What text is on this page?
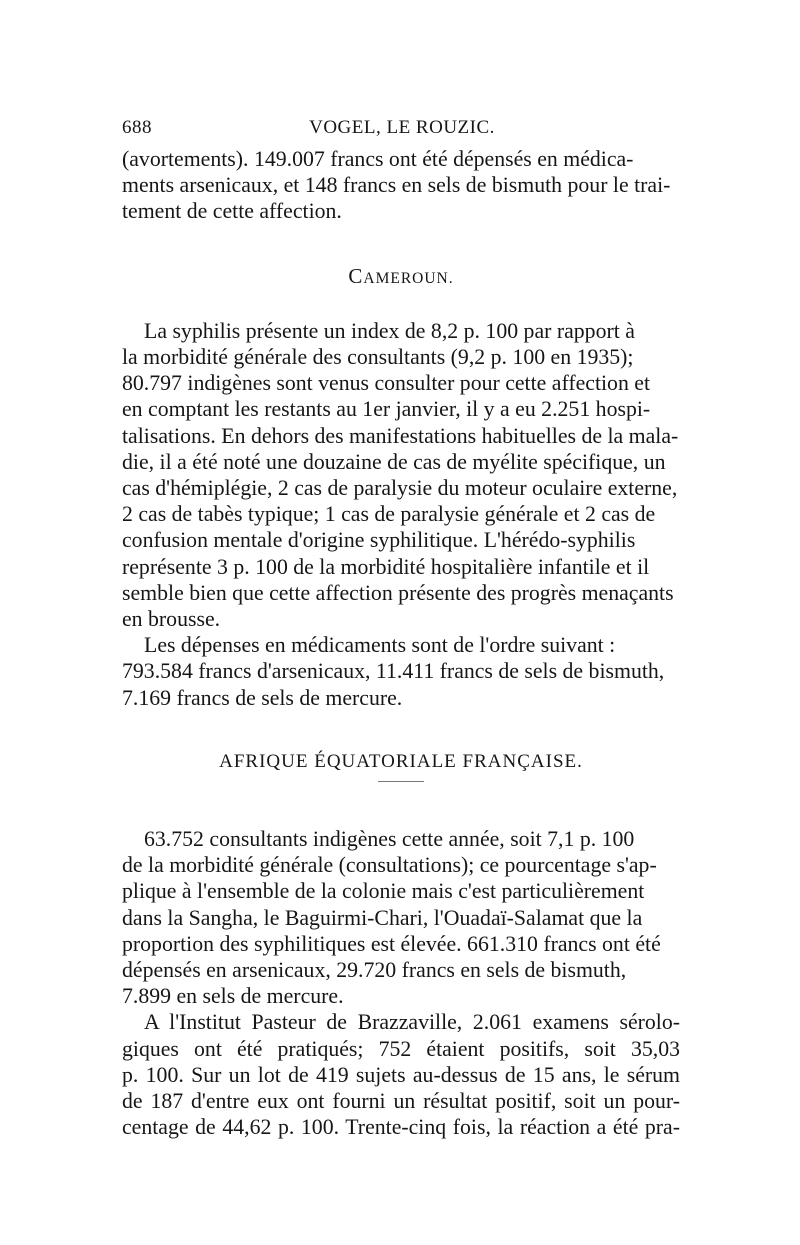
688	VOGEL, LE ROUZIC.

(avortements). 149.007 francs ont été dépensés en médica-
ments arsenicaux, et 148 francs en sels de bismuth pour le trai-
tement de cette affection.

CAMEROUN.

La syphilis présente un index de 8,2 p. 100 par rapport à
la morbidité générale des consultants (9,2 p. 100 en 1935);
80.797 indigènes sont venus consulter pour cette affection et
en comptant les restants au 1er janvier, il y a eu 2.251 hospi-
talisations. En dehors des manifestations habituelles de la mala-
die, il a été noté une douzaine de cas de myélite spécifique, un
cas d'hémiplégie, 2 cas de paralysie du moteur oculaire externe,
2 cas de tabès typique; 1 cas de paralysie générale et 2 cas de
confusion mentale d'origine syphilitique. L'hérédo-syphilis
représente 3 p. 100 de la morbidité hospitalière infantile et il
semble bien que cette affection présente des progrès menaçants
en brousse.

Les dépenses en médicaments sont de l'ordre suivant :
793.584 francs d'arsenicaux, 11.411 francs de sels de bismuth,
7.169 francs de sels de mercure.

AFRIQUE ÉQUATORIALE FRANÇAISE.

63.752 consultants indigènes cette année, soit 7,1 p. 100
de la morbidité générale (consultations); ce pourcentage s'ap-
plique à l'ensemble de la colonie mais c'est particulièrement
dans la Sangha, le Baguirmi-Chari, l'Ouadaï-Salamat que la
proportion des syphilitiques est élevée. 661.310 francs ont été
dépensés en arsenicaux, 29.720 francs en sels de bismuth,
7.899 en sels de mercure.

A l'Institut Pasteur de Brazzaville, 2.061 examens sérolo-
giques ont été pratiqués; 752 étaient positifs, soit 35,03
p. 100. Sur un lot de 419 sujets au-dessus de 15 ans, le sérum
de 187 d'entre eux ont fourni un résultat positif, soit un pour-
centage de 44,62 p. 100. Trente-cinq fois, la réaction a été pra-
